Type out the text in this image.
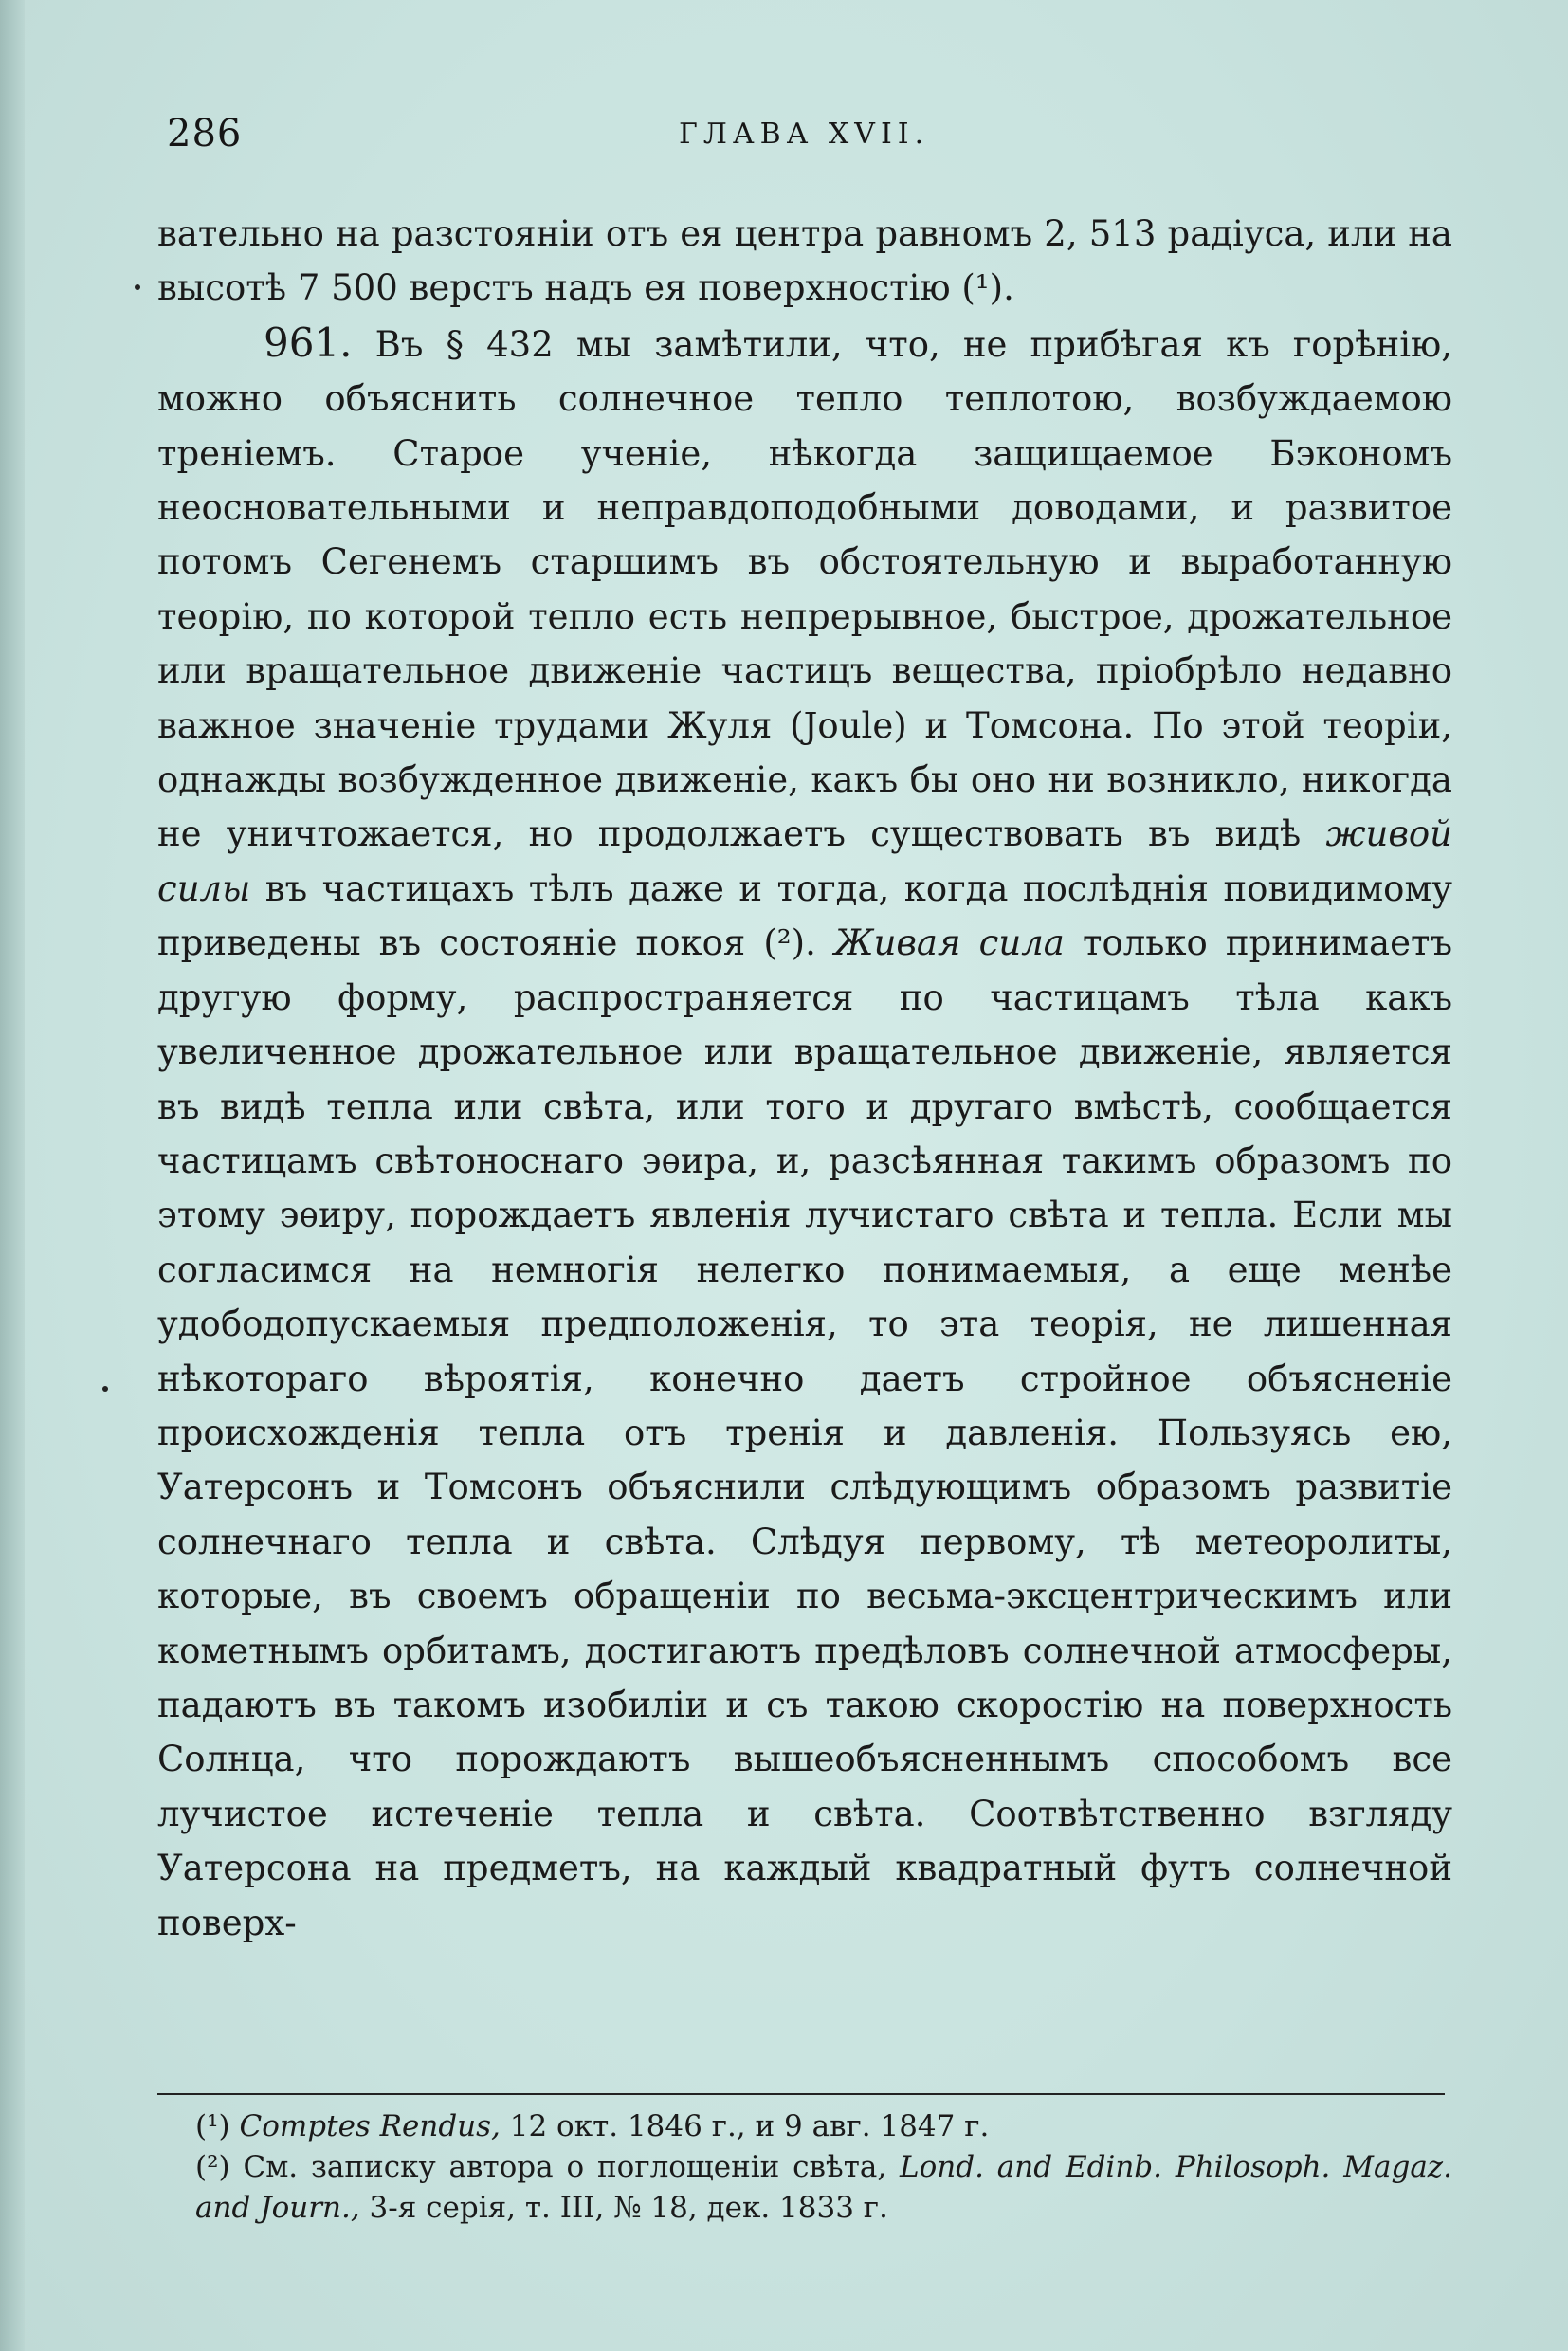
286	ГЛАВА XVII.

вательно на разстояніи отъ ея центра равномъ 2, 513 радіуса, или на высотѣ 7 500 верстъ надъ ея поверхностію (¹).

961. Въ § 432 мы замѣтили, что, не прибѣгая къ горѣнію, можно объяснить солнечное тепло теплотою, возбуждаемою треніемъ. Старое ученіе, нѣкогда защищаемое Бэкономъ неосновательными и неправдоподобными доводами, и развитое потомъ Сегенемъ старшимъ въ обстоятельную и выработанную теорію, по которой тепло есть непрерывное, быстрое, дрожательное или вращательное движеніе частицъ вещества, пріобрѣло недавно важное значеніе трудами Жуля (Joule) и Томсона. По этой теоріи, однажды возбужденное движеніе, какъ бы оно ни возникло, никогда не уничтожается, но продолжаетъ существовать въ видѣ живой силы въ частицахъ тѣлъ даже и тогда, когда послѣднія повидимому приведены въ состояніе покоя (²). Живая сила только принимаетъ другую форму, распространяется по частицамъ тѣла какъ увеличенное дрожательное или вращательное движеніе, является въ видѣ тепла или свѣта, или того и другаго вмѣстѣ, сообщается частицамъ свѣтоноснаго эѳира, и, разсѣянная такимъ образомъ по этому эѳиру, порождаетъ явленія лучистаго свѣта и тепла. Если мы согласимся на немногія нелегко понимаемыя, а еще менѣе удободопускаемыя предположенія, то эта теорія, не лишенная нѣкотораго вѣроятія, конечно даетъ стройное объясненіе происхожденія тепла отъ тренія и давленія. Пользуясь ею, Уатерсонъ и Томсонъ объяснили слѣдующимъ образомъ развитіе солнечнаго тепла и свѣта. Слѣдуя первому, тѣ метеоролиты, которые, въ своемъ обращеніи по весьма-эксцентрическимъ или кометнымъ орбитамъ, достигаютъ предѣловъ солнечной атмосферы, падаютъ въ такомъ изобиліи и съ такою скоростію на поверхность Солнца, что порождаютъ вышеобъясненнымъ способомъ все лучистое истеченіе тепла и свѣта. Соотвѣтственно взгляду Уатерсона на предметъ, на каждый квадратный футъ солнечной поверх-

(¹) Comptes Rendus, 12 окт. 1846 г., и 9 авг. 1847 г.

(²) См. записку автора о поглощеніи свѣта, Lond. and Edinb. Philosoph. Magaz. and Journ., 3-я серія, т. III, № 18, дек. 1833 г.
